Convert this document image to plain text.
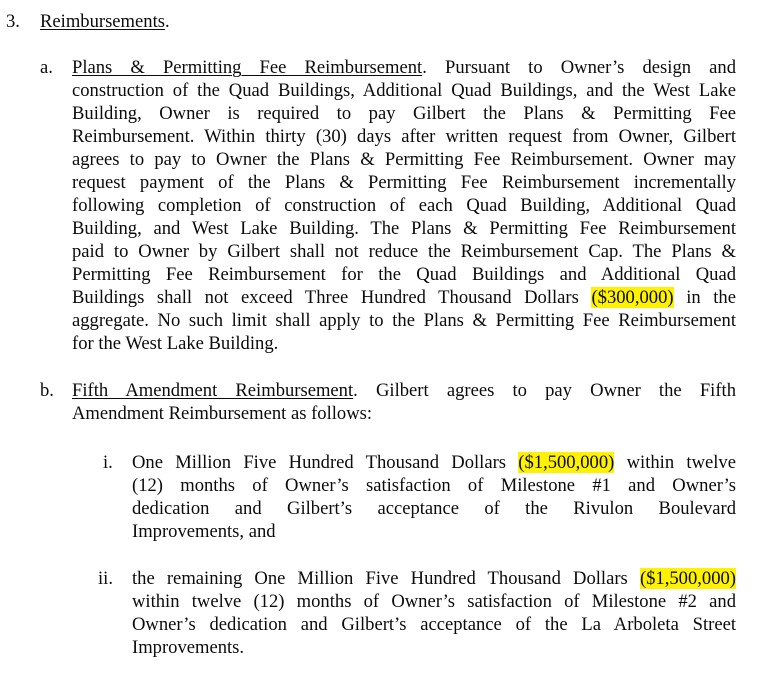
3. Reimbursements.
a. Plans & Permitting Fee Reimbursement. Pursuant to Owner’s design and
construction of the Quad Buildings, Additional Quad Buildings, and the West Lake
Building, Owner is required to pay Gilbert the Plans & Permitting Fee
Reimbursement. Within thirty (30) days after written request from Owner, Gilbert
agrees to pay to Owner the Plans & Permitting Fee Reimbursement. Owner may
request payment of the Plans & Permitting Fee Reimbursement incrementally
following completion of construction of each Quad Building, Additional Quad
Building, and West Lake Building. The Plans & Permitting Fee Reimbursement
paid to Owner by Gilbert shall not reduce the Reimbursement Cap. The Plans &
Permitting Fee Reimbursement for the Quad Buildings and Additional Quad
Buildings shall not exceed Three Hundred Thousand Dollars ($300,000) in the
aggregate. No such limit shall apply to the Plans & Permitting Fee Reimbursement
for the West Lake Building.
b. Fifth Amendment Reimbursement. Gilbert agrees to pay Owner the Fifth
Amendment Reimbursement as follows:
i. One Million Five Hundred Thousand Dollars ($1,500,000) within twelve
(12) months of Owner’s satisfaction of Milestone #1 and Owner’s
dedication and Gilbert’s acceptance of the Rivulon Boulevard
Improvements, and
ii. the remaining One Million Five Hundred Thousand Dollars ($1,500,000)
within twelve (12) months of Owner’s satisfaction of Milestone #2 and
Owner’s dedication and Gilbert’s acceptance of the La Arboleta Street
Improvements.
